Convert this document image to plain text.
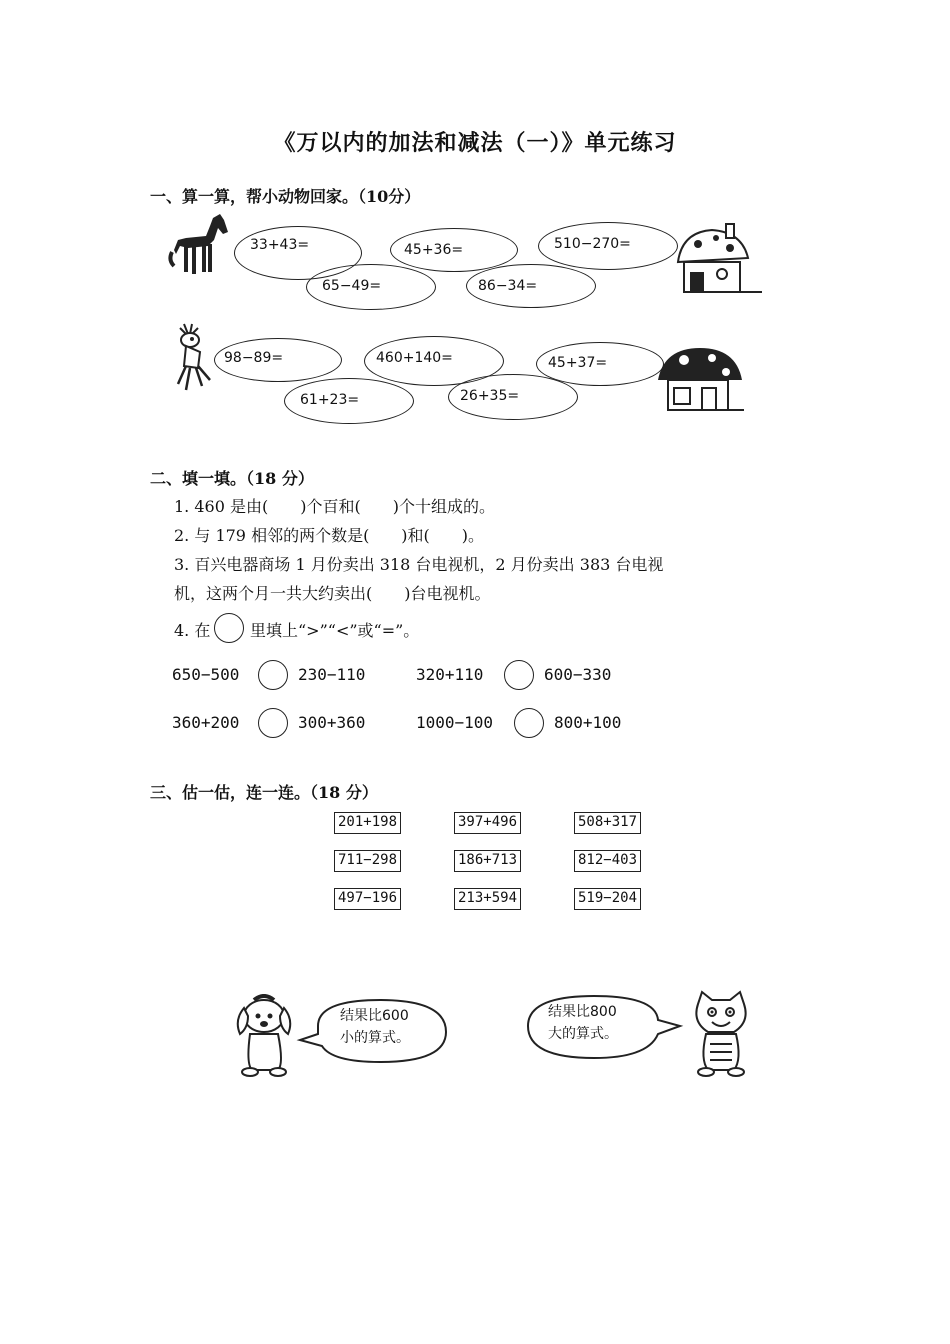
《万以内的加法和减法（一）》单元练习
一、算一算，帮小动物回家。（10分）
33+43=	45+36=	510−270=
65−49=	86−34=
98−89=	460+140=	45+37=
61+23=	26+35=
二、填一填。（18 分）
1. 460 是由(　　)个百和(　　)个十组成的。
2. 与 179 相邻的两个数是(　　)和(　　)。
3. 百兴电器商场 1 月份卖出 318 台电视机，2 月份卖出 383 台电视
机，这两个月一共大约卖出(　　)台电视机。
4. 在 里填上“>”“<”或“=”。
650−500	230−110	320+110	600−330
360+200	300+360	1000−100	800+100
三、估一估，连一连。（18 分）
201+198	397+496	508+317
711−298	186+713	812−403
497−196	213+594	519−204
结果比600
小的算式。
结果比800
大的算式。
